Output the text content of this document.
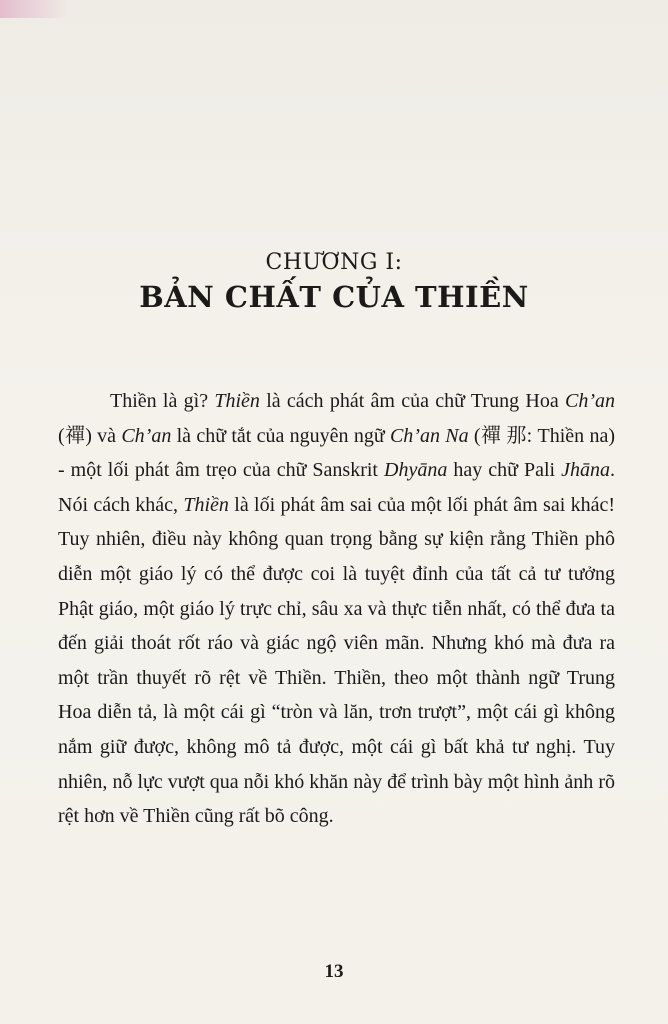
CHƯƠNG I:
BẢN CHẤT CỦA THIỀN

Thiền là gì? Thiền là cách phát âm của chữ Trung Hoa Ch’an (禪) và Ch’an là chữ tắt của nguyên ngữ Ch’an Na (禪 那: Thiền na) - một lối phát âm trẹo của chữ Sanskrit Dhyāna hay chữ Pali Jhāna. Nói cách khác, Thiền là lối phát âm sai của một lối phát âm sai khác! Tuy nhiên, điều này không quan trọng bằng sự kiện rằng Thiền phô diễn một giáo lý có thể được coi là tuyệt đỉnh của tất cả tư tưởng Phật giáo, một giáo lý trực chỉ, sâu xa và thực tiễn nhất, có thể đưa ta đến giải thoát rốt ráo và giác ngộ viên mãn. Nhưng khó mà đưa ra một trần thuyết rõ rệt về Thiền. Thiền, theo một thành ngữ Trung Hoa diễn tả, là một cái gì “tròn và lăn, trơn trượt”, một cái gì không nắm giữ được, không mô tả được, một cái gì bất khả tư nghị. Tuy nhiên, nỗ lực vượt qua nỗi khó khăn này để trình bày một hình ảnh rõ rệt hơn về Thiền cũng rất bõ công.

13
